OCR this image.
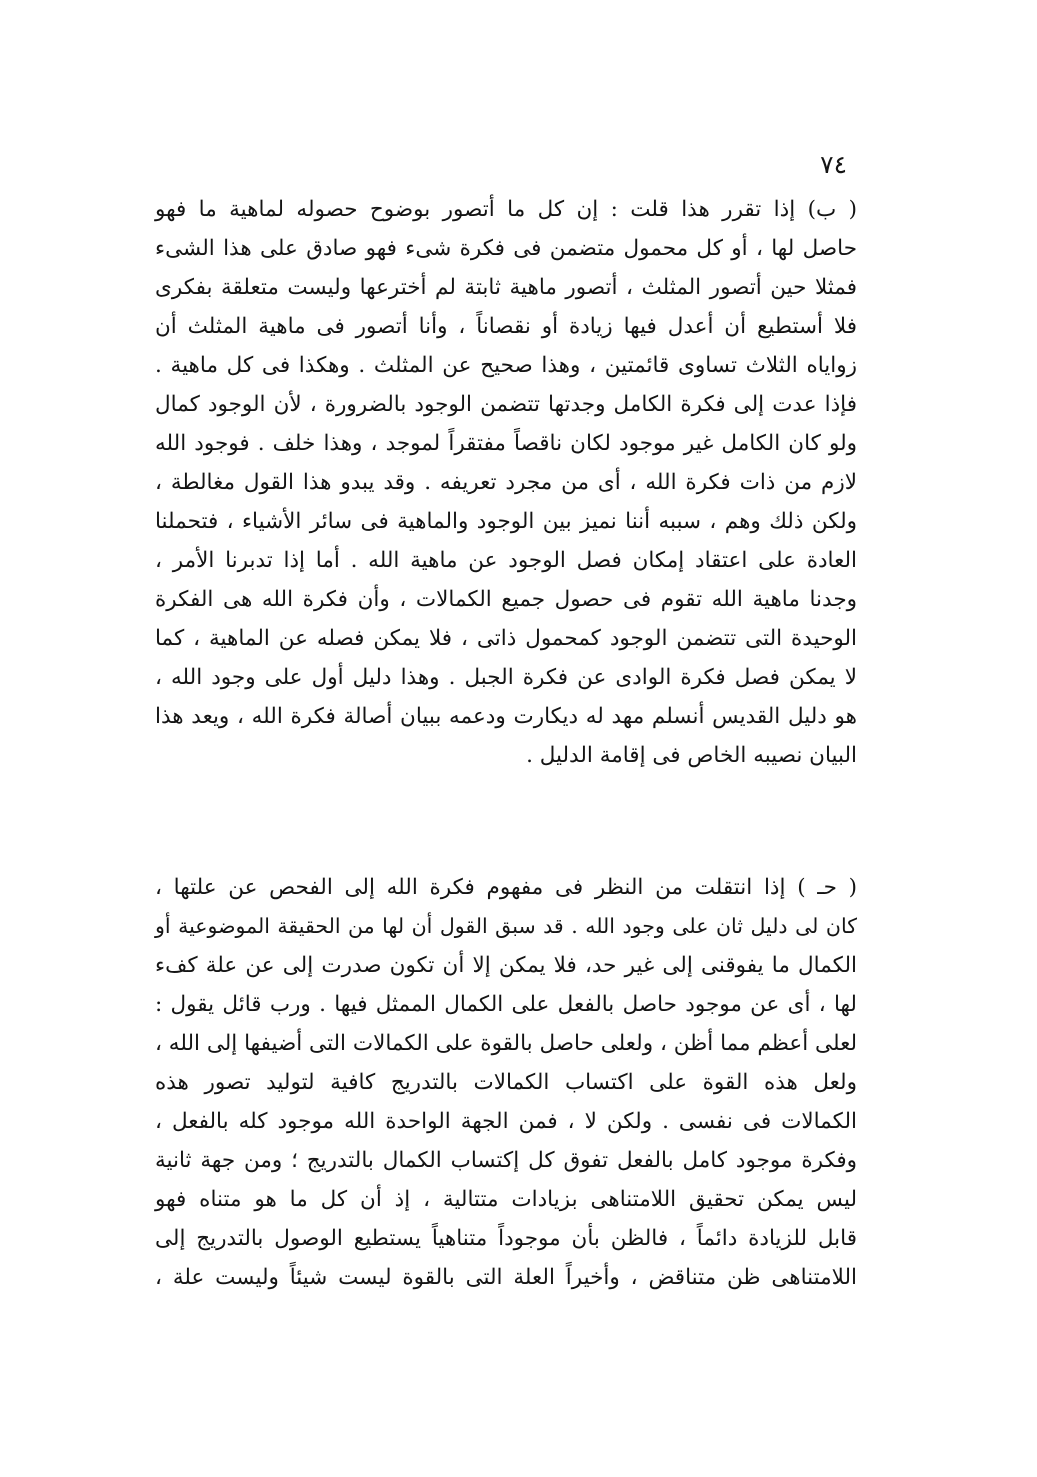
٧٤
( ب) إذا تقرر هذا قلت : إن كل ما أتصور بوضوح حصوله لماهية ما فهو
حاصل لها ، أو كل محمول متضمن فى فكرة شىء فهو صادق على هذا الشىء
فمثلا حين أتصور المثلث ، أتصور ماهية ثابتة لم أخترعها وليست متعلقة بفكرى
فلا أستطيع أن أعدل فيها زيادة أو نقصاناً ، وأنا أتصور فى ماهية المثلث أن
زواياه الثلاث تساوى قائمتين ، وهذا صحيح عن المثلث . وهكذا فى كل ماهية .
فإذا عدت إلى فكرة الكامل وجدتها تتضمن الوجود بالضرورة ، لأن الوجود كمال
ولو كان الكامل غير موجود لكان ناقصاً مفتقراً لموجد ، وهذا خلف . فوجود الله
لازم من ذات فكرة الله ، أى من مجرد تعريفه . وقد يبدو هذا القول مغالطة ،
ولكن ذلك وهم ، سببه أننا نميز بين الوجود والماهية فى سائر الأشياء ، فتحملنا
العادة على اعتقاد إمكان فصل الوجود عن ماهية الله . أما إذا تدبرنا الأمر ،
وجدنا ماهية الله تقوم فى حصول جميع الكمالات ، وأن فكرة الله هى الفكرة
الوحيدة التى تتضمن الوجود كمحمول ذاتى ، فلا يمكن فصله عن الماهية ، كما
لا يمكن فصل فكرة الوادى عن فكرة الجبل . وهذا دليل أول على وجود الله ،
هو دليل القديس أنسلم مهد له ديكارت ودعمه ببيان أصالة فكرة الله ، ويعد هذا
البيان نصيبه الخاص فى إقامة الدليل .
( حـ ) إذا انتقلت من النظر فى مفهوم فكرة الله إلى الفحص عن علتها ،
كان لى دليل ثان على وجود الله . قد سبق القول أن لها من الحقيقة الموضوعية أو
الكمال ما يفوقنى إلى غير حد، فلا يمكن إلا أن تكون صدرت إلى عن علة كفء
لها ، أى عن موجود حاصل بالفعل على الكمال الممثل فيها . ورب قائل يقول :
لعلى أعظم مما أظن ، ولعلى حاصل بالقوة على الكمالات التى أضيفها إلى الله ،
ولعل هذه القوة على اكتساب الكمالات بالتدريج كافية لتوليد تصور هذه
الكمالات فى نفسى . ولكن لا ، فمن الجهة الواحدة الله موجود كله بالفعل ،
وفكرة موجود كامل بالفعل تفوق كل إكتساب الكمال بالتدريج ؛ ومن جهة ثانية
ليس يمكن تحقيق اللامتناهى بزيادات متتالية ، إذ أن كل ما هو متناه فهو
قابل للزيادة دائماً ، فالظن بأن موجوداً متناهياً يستطيع الوصول بالتدريج إلى
اللامتناهى ظن متناقض ، وأخيراً العلة التى بالقوة ليست شيئاً وليست علة ،
